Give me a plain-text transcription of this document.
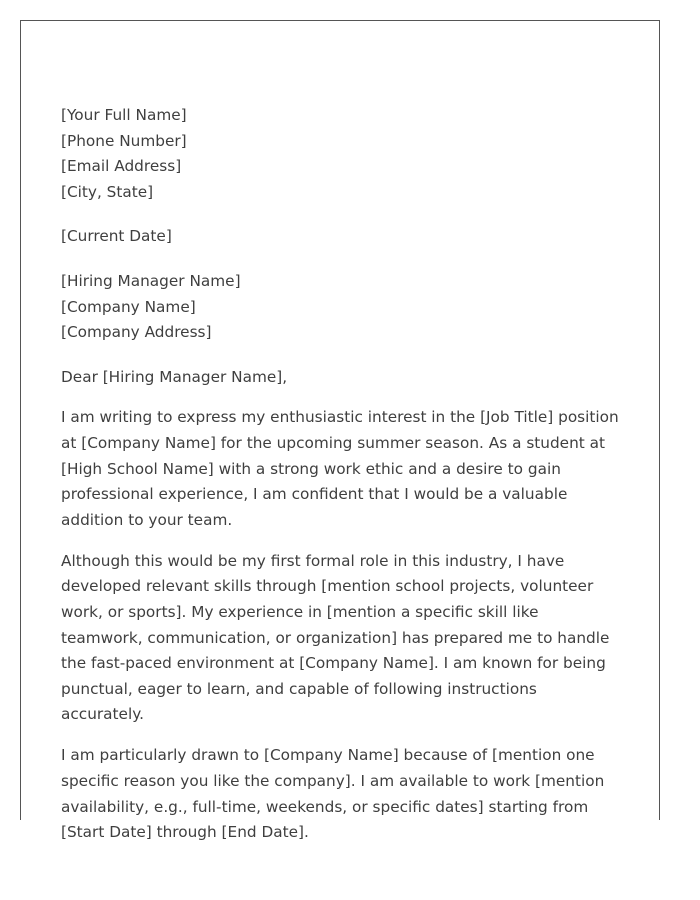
[Your Full Name]
[Phone Number]
[Email Address]
[City, State]
[Current Date]
[Hiring Manager Name]
[Company Name]
[Company Address]
Dear [Hiring Manager Name],

I am writing to express my enthusiastic interest in the [Job Title] position at [Company Name] for the upcoming summer season. As a student at [High School Name] with a strong work ethic and a desire to gain professional experience, I am confident that I would be a valuable addition to your team.

Although this would be my first formal role in this industry, I have developed relevant skills through [mention school projects, volunteer work, or sports]. My experience in [mention a specific skill like teamwork, communication, or organization] has prepared me to handle the fast-paced environment at [Company Name]. I am known for being punctual, eager to learn, and capable of following instructions accurately.

I am particularly drawn to [Company Name] because of [mention one specific reason you like the company]. I am available to work [mention availability, e.g., full-time, weekends, or specific dates] starting from [Start Date] through [End Date].
